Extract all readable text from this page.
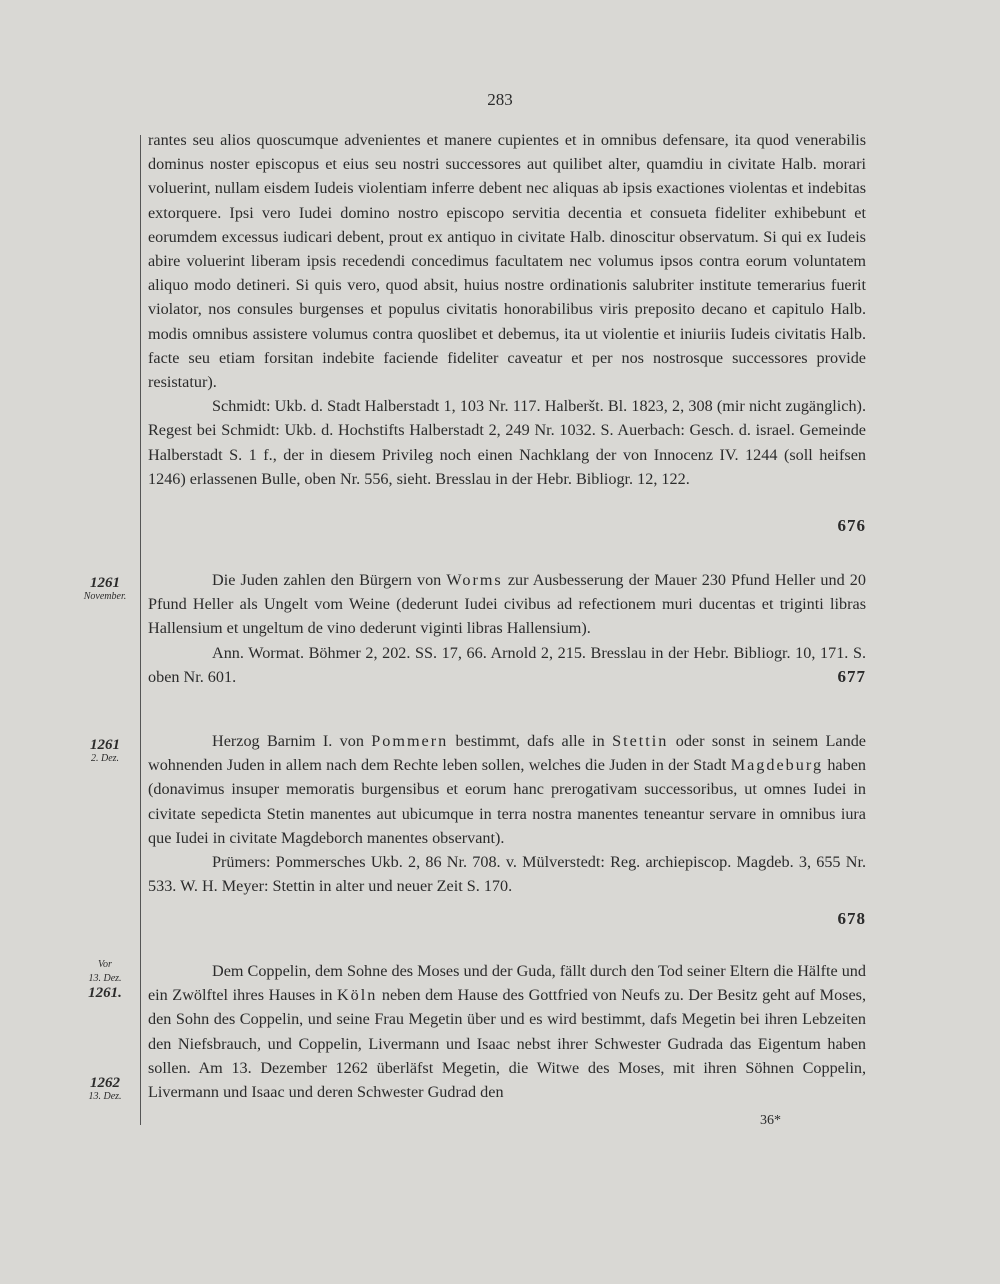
283

rantes seu alios quoscumque advenientes et manere cupientes et in omnibus defensare, ita quod venerabilis dominus noster episcopus et eius seu nostri successores aut quilibet alter, quamdiu in civitate Halb. morari voluerint, nullam eisdem Iudeis violentiam inferre debent nec aliquas ab ipsis exactiones violentas et indebitas extorquere. Ipsi vero Iudei domino nostro episcopo servitia decentia et consueta fideliter exhibebunt et eorumdem excessus iudicari debent, prout ex antiquo in civitate Halb. dinoscitur observatum. Si qui ex Iudeis abire voluerint liberam ipsis recedendi concedimus facultatem nec volumus ipsos contra eorum voluntatem aliquo modo detineri. Si quis vero, quod absit, huius nostre ordinationis salubriter institute temerarius fuerit violator, nos consules burgenses et populus civitatis honorabilibus viris preposito decano et capitulo Halb. modis omnibus assistere volumus contra quoslibet et debemus, ita ut violentie et iniuriis Iudeis civitatis Halb. facte seu etiam forsitan indebite faciende fideliter caveatur et per nos nostrosque successores provide resistatur).

Schmidt: Ukb. d. Stadt Halberstadt 1, 103 Nr. 117. Halberšt. Bl. 1823, 2, 308 (mir nicht zugänglich). Regest bei Schmidt: Ukb. d. Hochstifts Halberstadt 2, 249 Nr. 1032. S. Auerbach: Gesch. d. israel. Gemeinde Halberstadt S. 1 f., der in diesem Privileg noch einen Nachklang der von Innocenz IV. 1244 (soll heifsen 1246) erlassenen Bulle, oben Nr. 556, sieht. Bresslau in der Hebr. Bibliogr. 12, 122.

676
1261
November.

Die Juden zahlen den Bürgern von Worms zur Ausbesserung der Mauer 230 Pfund Heller und 20 Pfund Heller als Ungelt vom Weine (dederunt Iudei civibus ad refectionem muri ducentas et triginti libras Hallensium et ungeltum de vino dederunt viginti libras Hallensium).

Ann. Wormat. Böhmer 2, 202. SS. 17, 66. Arnold 2, 215. Bresslau in der Hebr. Bibliogr. 10, 171. S. oben Nr. 601.	677

1261
2. Dez.

Herzog Barnim I. von Pommern bestimmt, dafs alle in Stettin oder sonst in seinem Lande wohnenden Juden in allem nach dem Rechte leben sollen, welches die Juden in der Stadt Magdeburg haben (donavimus insuper memoratis burgensibus et eorum hanc prerogativam successoribus, ut omnes Iudei in civitate sepedicta Stetin manentes aut ubicumque in terra nostra manentes teneantur servare in omnibus iura que Iudei in civitate Magdeborch manentes observant).

Prümers: Pommersches Ukb. 2, 86 Nr. 708. v. Mülverstedt: Reg. archiepiscop. Magdeb. 3, 655 Nr. 533. W. H. Meyer: Stettin in alter und neuer Zeit S. 170.

678
Vor
13. Dez.
1261.
1262
13. Dez.

Dem Coppelin, dem Sohne des Moses und der Guda, fällt durch den Tod seiner Eltern die Hälfte und ein Zwölftel ihres Hauses in Köln neben dem Hause des Gottfried von Neufs zu. Der Besitz geht auf Moses, den Sohn des Coppelin, und seine Frau Megetin über und es wird bestimmt, dafs Megetin bei ihren Lebzeiten den Niefsbrauch, und Coppelin, Livermann und Isaac nebst ihrer Schwester Gudrada das Eigentum haben sollen. Am 13. Dezember 1262 überläfst Megetin, die Witwe des Moses, mit ihren Söhnen Coppelin, Livermann und Isaac und deren Schwester Gudrad den

36*
